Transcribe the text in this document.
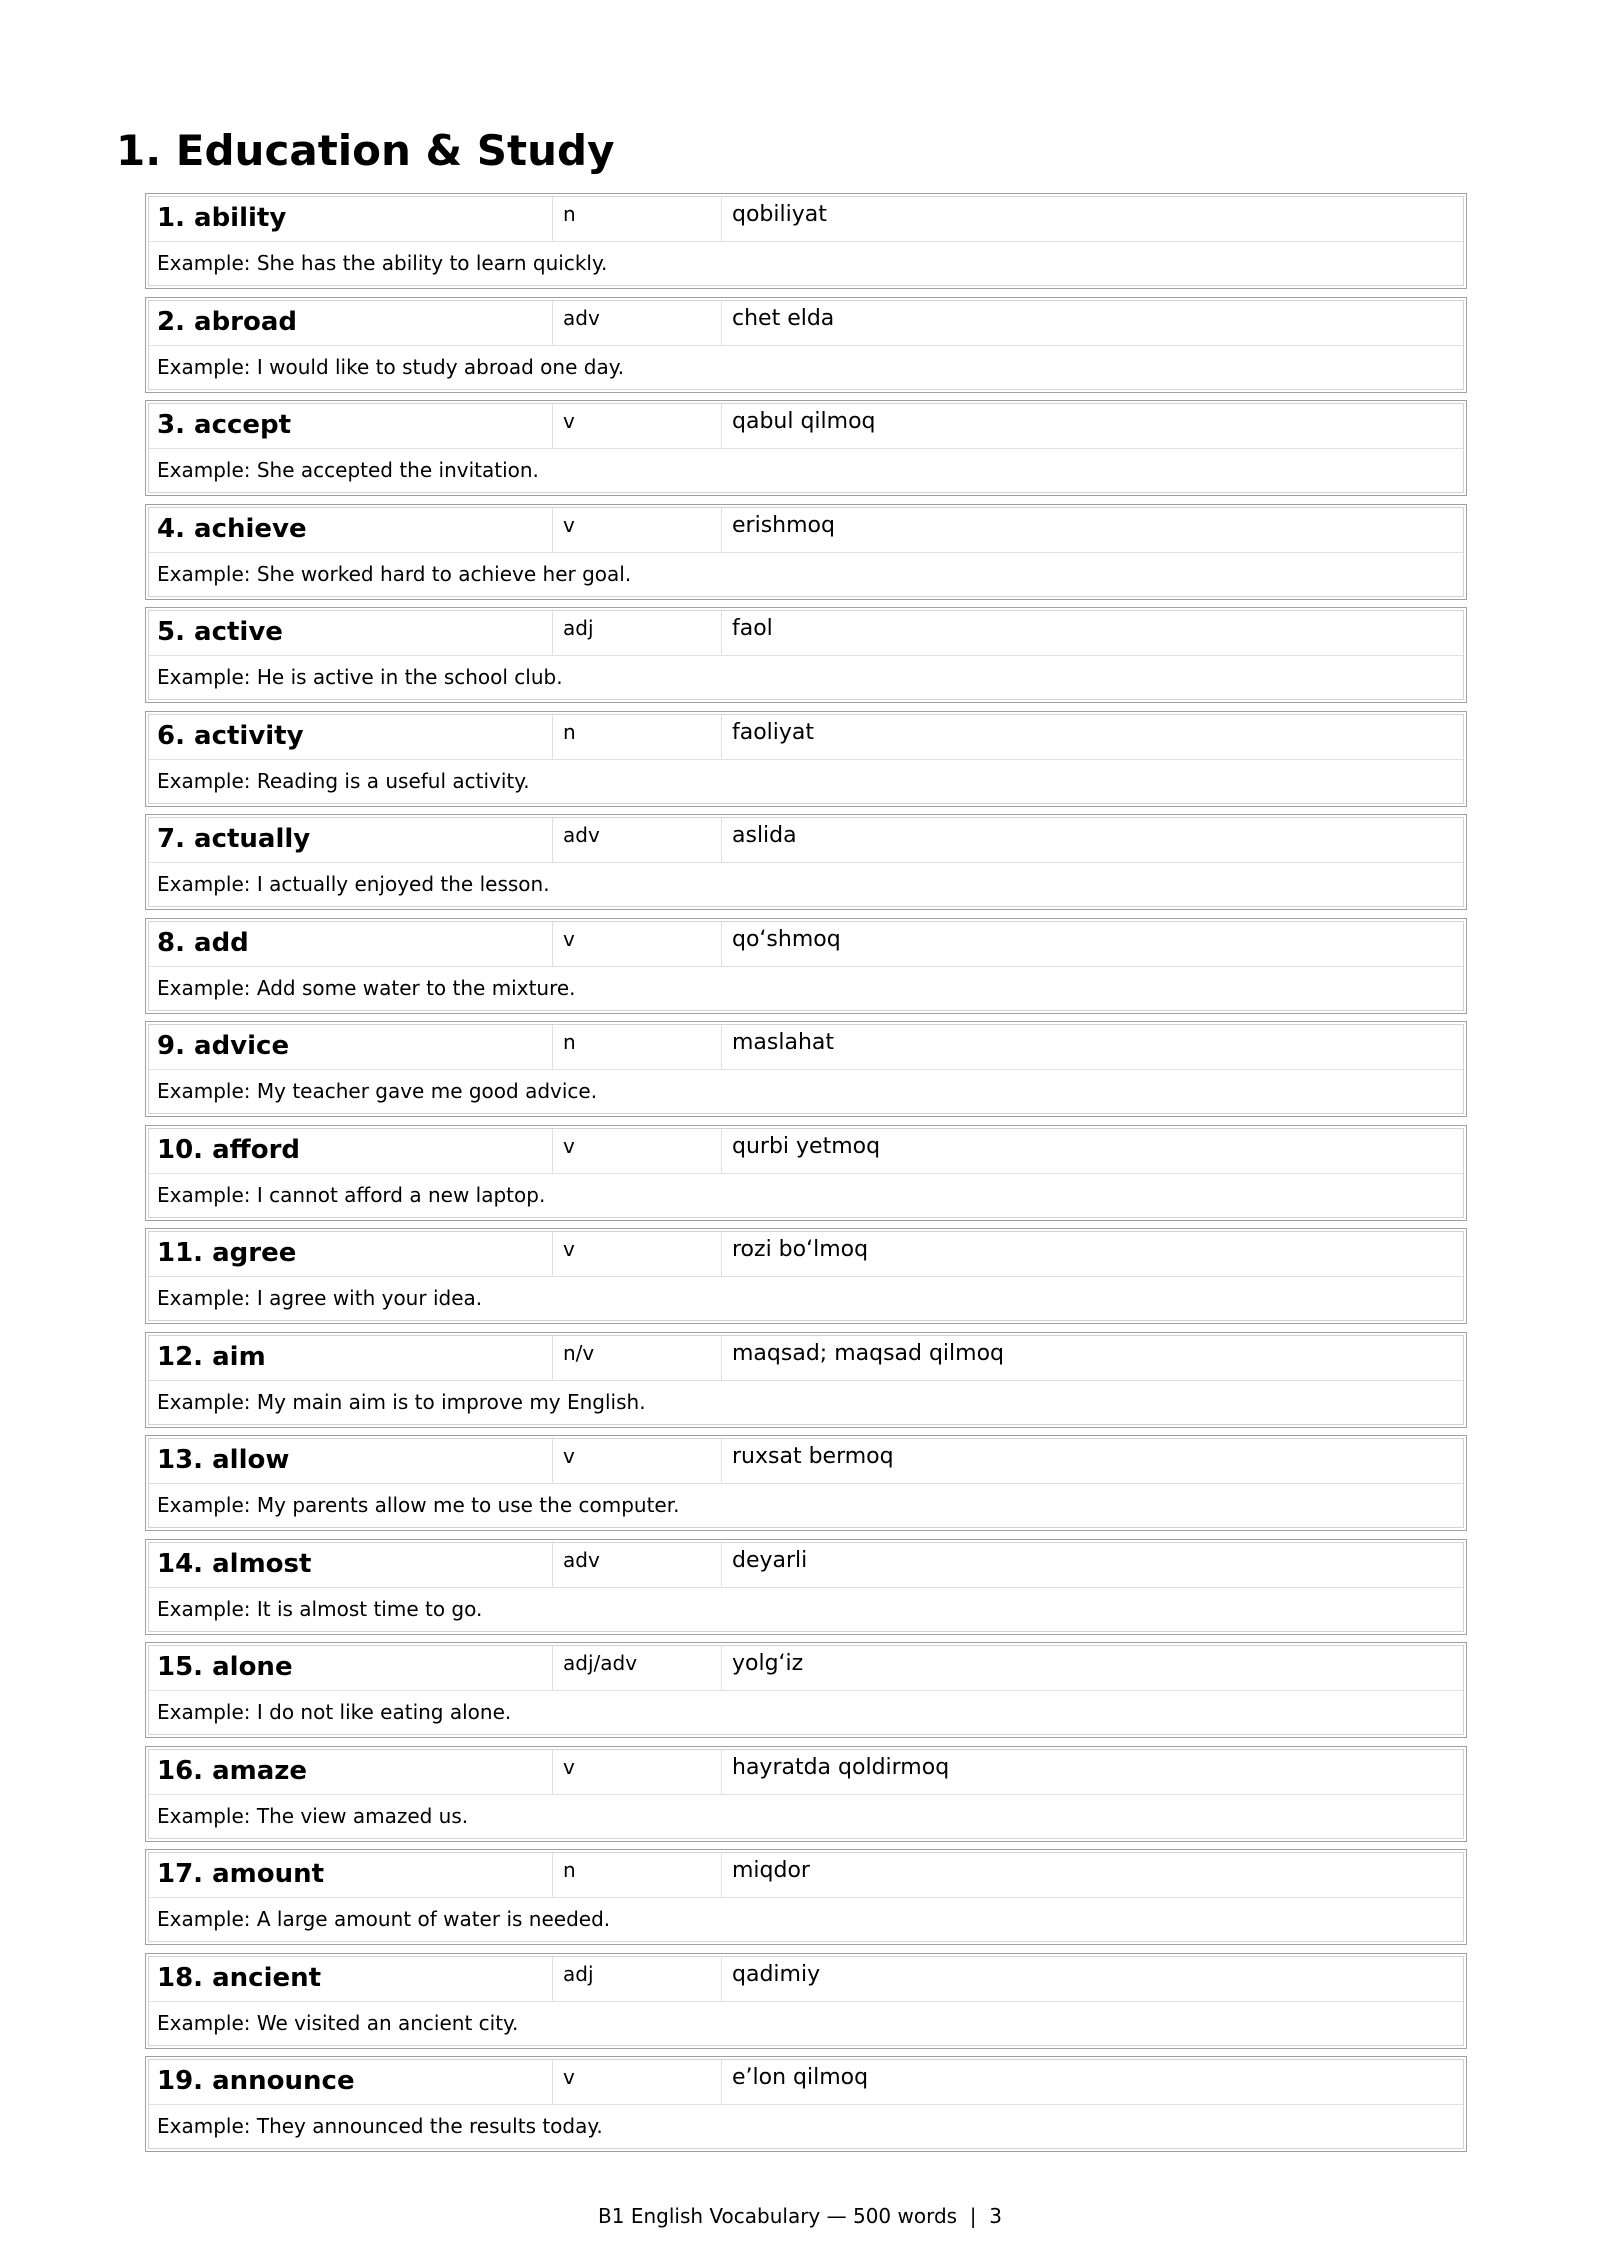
1. Education & Study
1. ability	n	qobiliyat
Example: She has the ability to learn quickly.
2. abroad	adv	chet elda
Example: I would like to study abroad one day.
3. accept	v	qabul qilmoq
Example: She accepted the invitation.
4. achieve	v	erishmoq
Example: She worked hard to achieve her goal.
5. active	adj	faol
Example: He is active in the school club.
6. activity	n	faoliyat
Example: Reading is a useful activity.
7. actually	adv	aslida
Example: I actually enjoyed the lesson.
8. add	v	qo‘shmoq
Example: Add some water to the mixture.
9. advice	n	maslahat
Example: My teacher gave me good advice.
10. afford	v	qurbi yetmoq
Example: I cannot afford a new laptop.
11. agree	v	rozi bo‘lmoq
Example: I agree with your idea.
12. aim	n/v	maqsad; maqsad qilmoq
Example: My main aim is to improve my English.
13. allow	v	ruxsat bermoq
Example: My parents allow me to use the computer.
14. almost	adv	deyarli
Example: It is almost time to go.
15. alone	adj/adv	yolg‘iz
Example: I do not like eating alone.
16. amaze	v	hayratda qoldirmoq
Example: The view amazed us.
17. amount	n	miqdor
Example: A large amount of water is needed.
18. ancient	adj	qadimiy
Example: We visited an ancient city.
19. announce	v	e’lon qilmoq
Example: They announced the results today.
B1 English Vocabulary — 500 words  |  3
